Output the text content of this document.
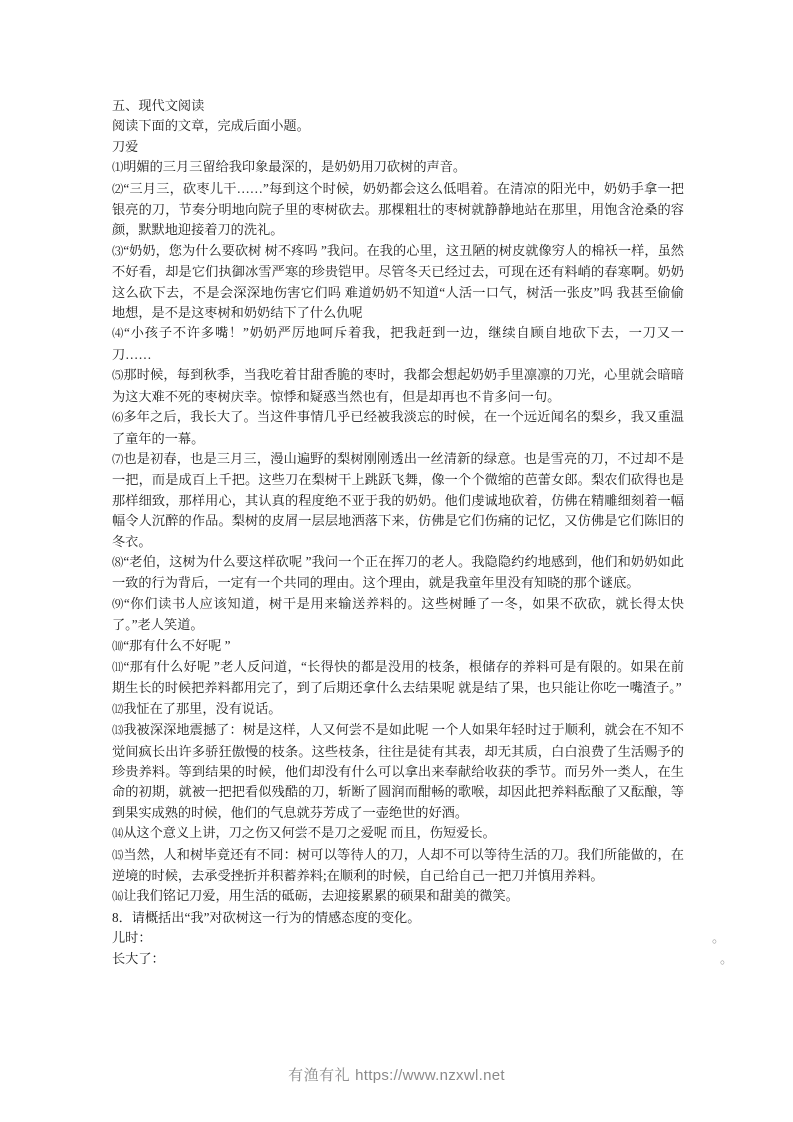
五、现代文阅读
阅读下面的文章，完成后面小题。
刀爱
⑴明媚的三月三留给我印象最深的，是奶奶用刀砍树的声音。
⑵“三月三，砍枣儿干……”每到这个时候，奶奶都会这么低唱着。在清凉的阳光中，奶奶手拿一把银亮的刀，节奏分明地向院子里的枣树砍去。那棵粗壮的枣树就静静地站在那里，用饱含沧桑的容颜，默默地迎接着刀的洗礼。
⑶“奶奶，您为什么要砍树 树不疼吗 ”我问。在我的心里，这丑陋的树皮就像穷人的棉袄一样，虽然不好看，却是它们执御冰雪严寒的珍贵铠甲。尽管冬天已经过去，可现在还有料峭的春寒啊。奶奶这么砍下去，不是会深深地伤害它们吗 难道奶奶不知道“人活一口气，树活一张皮”吗 我甚至偷偷地想，是不是这枣树和奶奶结下了什么仇呢
⑷“小孩子不许多嘴！”奶奶严厉地呵斥着我，把我赶到一边，继续自顾自地砍下去，一刀又一刀……
⑸那时候，每到秋季，当我吃着甘甜香脆的枣时，我都会想起奶奶手里凛凛的刀光，心里就会暗暗为这大难不死的枣树庆幸。惊悸和疑惑当然也有，但是却再也不肯多问一句。
⑹多年之后，我长大了。当这件事情几乎已经被我淡忘的时候，在一个远近闻名的梨乡，我又重温了童年的一幕。
⑺也是初春，也是三月三，漫山遍野的梨树刚刚透出一丝清新的绿意。也是雪亮的刀，不过却不是一把，而是成百上千把。这些刀在梨树干上跳跃飞舞，像一个个微缩的芭蕾女郎。梨农们砍得也是那样细致，那样用心，其认真的程度绝不亚于我的奶奶。他们虔诚地砍着，仿佛在精雕细刻着一幅幅令人沉醉的作品。梨树的皮屑一层层地洒落下来，仿佛是它们伤痛的记忆，又仿佛是它们陈旧的冬衣。
⑻“老伯，这树为什么要这样砍呢 ”我问一个正在挥刀的老人。我隐隐约约地感到，他们和奶奶如此一致的行为背后，一定有一个共同的理由。这个理由，就是我童年里没有知晓的那个谜底。
⑼“你们读书人应该知道，树干是用来输送养料的。这些树睡了一冬，如果不砍砍，就长得太快了。”老人笑道。
⑽“那有什么不好呢 ”
⑾“那有什么好呢 ”老人反问道，“长得快的都是没用的枝条，根储存的养料可是有限的。如果在前期生长的时候把养料都用完了，到了后期还拿什么去结果呢 就是结了果，也只能让你吃一嘴渣子。”
⑿我怔在了那里，没有说话。
⒀我被深深地震撼了：树是这样，人又何尝不是如此呢 一个人如果年轻时过于顺利，就会在不知不觉间疯长出许多骄狂傲慢的枝条。这些枝条，往往是徒有其表，却无其质，白白浪费了生活赐予的珍贵养料。等到结果的时候，他们却没有什么可以拿出来奉献给收获的季节。而另外一类人，在生命的初期，就被一把把看似残酷的刀，斩断了圆润而酣畅的歌喉，却因此把养料酝酿了又酝酿，等到果实成熟的时候，他们的气息就芬芳成了一壶绝世的好酒。
⒁从这个意义上讲，刀之伤又何尝不是刀之爱呢 而且，伤短爱长。
⒂当然，人和树毕竟还有不同：树可以等待人的刀，人却不可以等待生活的刀。我们所能做的，在逆境的时候，去承受挫折并积蓄养料;在顺利的时候，自己给自己一把刀并慎用养料。
⒃让我们铭记刀爱，用生活的砥砺，去迎接累累的硕果和甜美的微笑。
8．请概括出“我”对砍树这一行为的情感态度的变化。
儿时：	。
长大了：	。
有渔有礼 https://www.nzxwl.net
